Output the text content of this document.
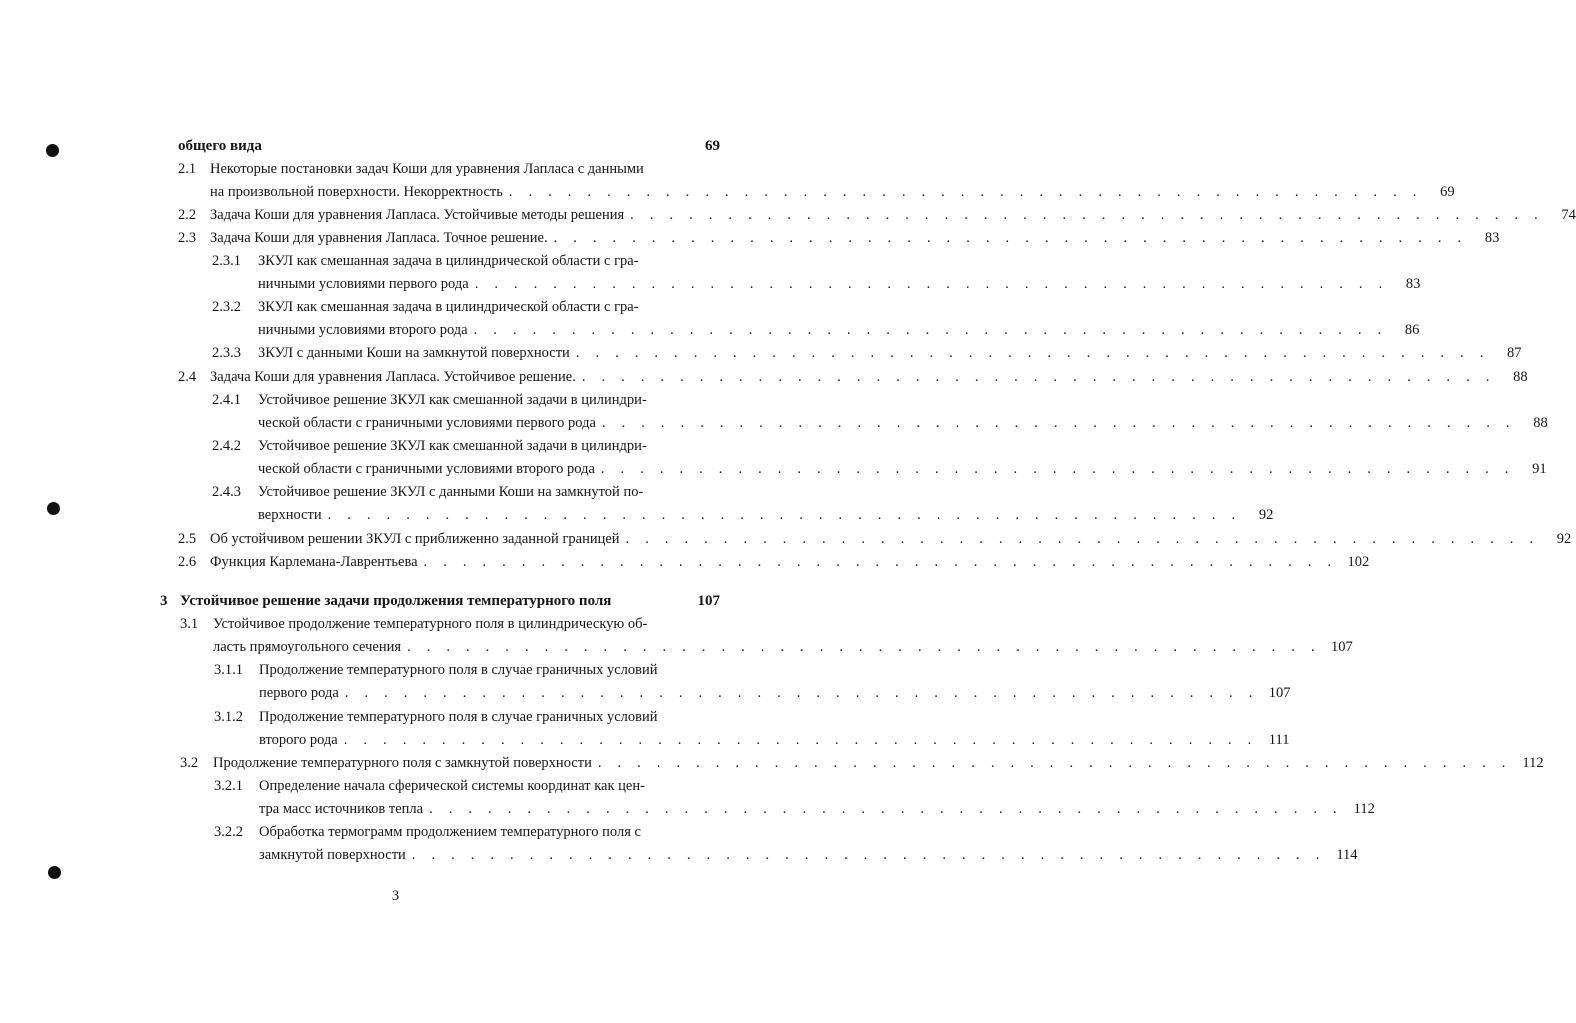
общего вида	69
2.1 Некоторые постановки задач Коши для уравнения Лапласа с данными
на произвольной поверхности. Некорректность . . . . . . . . . . . . . . . . . . . . . . . . . . . . . . . . . . . . . . . . . . . . . . .	69
2.2 Задача Коши для уравнения Лапласа. Устойчивые методы решения . . . . . . . . . . . . . . . . . . . . . . . . . . . . . . . . . . . . . . . . . . . . . . .	74
2.3 Задача Коши для уравнения Лапласа. Точное решение. . . . . . . . . . . . . . . . . . . . . . . . . . . . . . . . . . . . . . . . . . . . . . . .	83
2.3.1 ЗКУЛ как смешанная задача в цилиндрической области с гра-
ничными условиями первого рода . . . . . . . . . . . . . . . . . . . . . . . . . . . . . . . . . . . . . . . . . . . . . . .	83
2.3.2 ЗКУЛ как смешанная задача в цилиндрической области с гра-
ничными условиями второго рода . . . . . . . . . . . . . . . . . . . . . . . . . . . . . . . . . . . . . . . . . . . . . . .	86
2.3.3 ЗКУЛ с данными Коши на замкнутой поверхности . . . . . . . . . . . . . . . . . . . . . . . . . . . . . . . . . . . . . . . . . . . . . . .	87
2.4 Задача Коши для уравнения Лапласа. Устойчивое решение. . . . . . . . . . . . . . . . . . . . . . . . . . . . . . . . . . . . . . . . . . . . . . . .	88
2.4.1 Устойчивое решение ЗКУЛ как смешанной задачи в цилиндри-
ческой области с граничными условиями первого рода . . . . . . . . . . . . . . . . . . . . . . . . . . . . . . . . . . . . . . . . . . . . . . .	88
2.4.2 Устойчивое решение ЗКУЛ как смешанной задачи в цилиндри-
ческой области с граничными условиями второго рода . . . . . . . . . . . . . . . . . . . . . . . . . . . . . . . . . . . . . . . . . . . . . . .	91
2.4.3 Устойчивое решение ЗКУЛ с данными Коши на замкнутой по-
верхности . . . . . . . . . . . . . . . . . . . . . . . . . . . . . . . . . . . . . . . . . . . . . . .	92
2.5 Об устойчивом решении ЗКУЛ с приближенно заданной границей . . . . . . . . . . . . . . . . . . . . . . . . . . . . . . . . . . . . . . . . . . . . . . .	92
2.6 Функция Карлемана-Лаврентьева . . . . . . . . . . . . . . . . . . . . . . . . . . . . . . . . . . . . . . . . . . . . . . . 102
3 Устойчивое решение задачи продолжения температурного поля	107
3.1 Устойчивое продолжение температурного поля в цилиндрическую об-
ласть прямоугольного сечения . . . . . . . . . . . . . . . . . . . . . . . . . . . . . . . . . . . . . . . . . . . . . . . 107
3.1.1 Продолжение температурного поля в случае граничных условий
первого рода . . . . . . . . . . . . . . . . . . . . . . . . . . . . . . . . . . . . . . . . . . . . . . . 107
3.1.2 Продолжение температурного поля в случае граничных условий
второго рода . . . . . . . . . . . . . . . . . . . . . . . . . . . . . . . . . . . . . . . . . . . . . . . 111
3.2 Продолжение температурного поля с замкнутой поверхности . . . . . . . . . . . . . . . . . . . . . . . . . . . . . . . . . . . . . . . . . . . . . . . 112
3.2.1 Определение начала сферической системы координат как цен-
тра масс источников тепла . . . . . . . . . . . . . . . . . . . . . . . . . . . . . . . . . . . . . . . . . . . . . . . 112
3.2.2 Обработка термограмм продолжением температурного поля с
замкнутой поверхности . . . . . . . . . . . . . . . . . . . . . . . . . . . . . . . . . . . . . . . . . . . . . . . 114
3
